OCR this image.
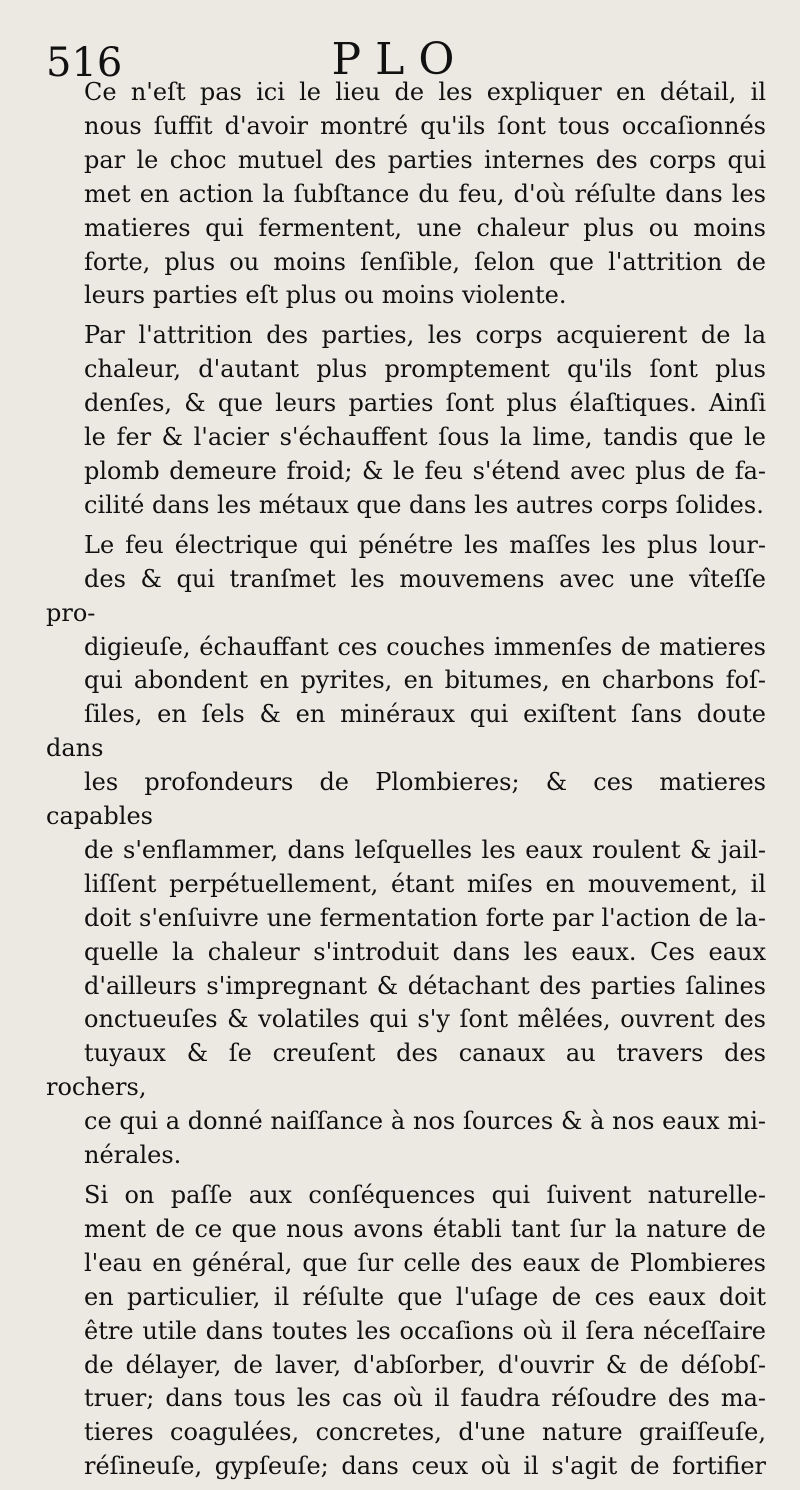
516	PLO

Ce n'eſt pas ici le lieu de les expliquer en détail, il
nous ſuffit d'avoir montré qu'ils ſont tous occaſionnés
par le choc mutuel des parties internes des corps qui
met en action la ſubſtance du feu, d'où réſulte dans les
matieres qui fermentent, une chaleur plus ou moins
forte, plus ou moins ſenſible, ſelon que l'attrition de
leurs parties eſt plus ou moins violente.

Par l'attrition des parties, les corps acquierent de la
chaleur, d'autant plus promptement qu'ils ſont plus
denſes, & que leurs parties ſont plus élaſtiques. Ainſi
le fer & l'acier s'échauffent ſous la lime, tandis que le
plomb demeure froid; & le feu s'étend avec plus de fa-
cilité dans les métaux que dans les autres corps ſolides.

Le feu électrique qui pénétre les maſſes les plus lour-
des & qui tranſmet les mouvemens avec une vîteſſe pro-
digieuſe, échauffant ces couches immenſes de matieres
qui abondent en pyrites, en bitumes, en charbons foſ-
ſiles, en ſels & en minéraux qui exiſtent ſans doute dans
les profondeurs de Plombieres; & ces matieres capables
de s'enflammer, dans leſquelles les eaux roulent & jail-
liſſent perpétuellement, étant miſes en mouvement, il
doit s'enſuivre une fermentation forte par l'action de la-
quelle la chaleur s'introduit dans les eaux. Ces eaux
d'ailleurs s'impregnant & détachant des parties ſalines
onctueuſes & volatiles qui s'y ſont mêlées, ouvrent des
tuyaux & ſe creuſent des canaux au travers des rochers,
ce qui a donné naiſſance à nos ſources & à nos eaux mi-
nérales.

Si on paſſe aux conſéquences qui ſuivent naturelle-
ment de ce que nous avons établi tant ſur la nature de
l'eau en général, que ſur celle des eaux de Plombieres
en particulier, il réſulte que l'uſage de ces eaux doit
être utile dans toutes les occaſions où il ſera néceſſaire
de délayer, de laver, d'abſorber, d'ouvrir & de déſobſ-
truer; dans tous les cas où il faudra réſoudre des ma-
tieres coagulées, concretes, d'une nature graiſſeuſe,
réſineuſe, gypſeuſe; dans ceux où il s'agit de fortifier
